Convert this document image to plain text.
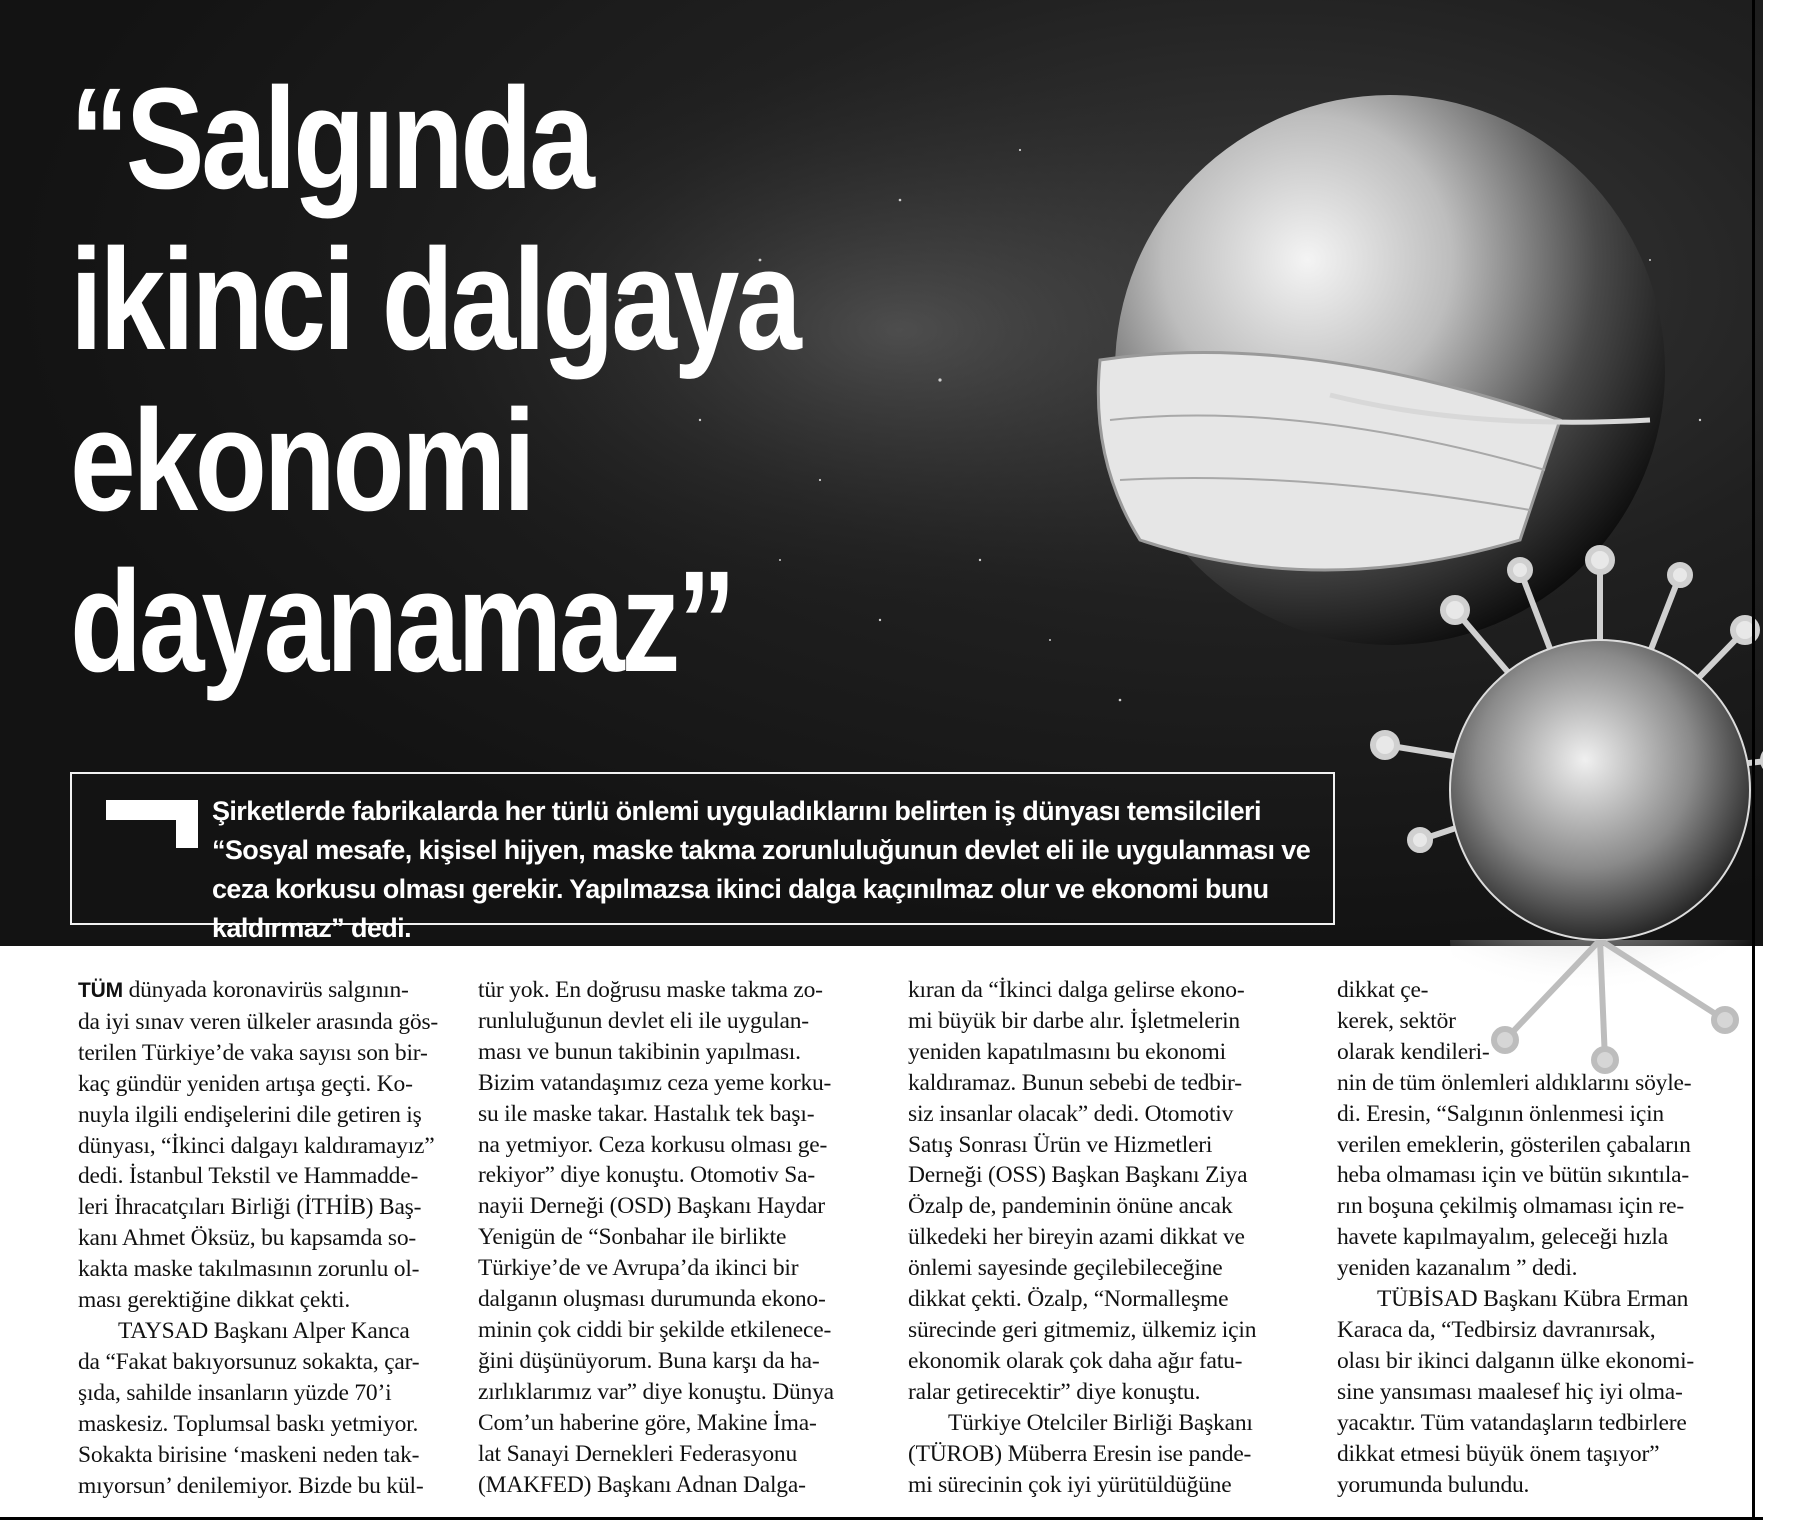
“Salgında
ikinci dalgaya
ekonomi
dayanamaz”

Şirketlerde fabrikalarda her türlü önlemi uyguladıklarını belirten iş dünyası temsilcileri “Sosyal mesafe, kişisel hijyen, maske takma zorunluluğunun devlet eli ile uygulanması ve ceza korkusu olması gerekir. Yapılmazsa ikinci dalga kaçınılmaz olur ve ekonomi bunu kaldırmaz” dedi.

TÜM dünyada koronavirüs salgının-

da iyi sınav veren ülkeler arasında gös-

terilen Türkiye’de vaka sayısı son bir-

kaç gündür yeniden artışa geçti. Ko-

nuyla ilgili endişelerini dile getiren iş

dünyası, “İkinci dalgayı kaldıramayız”

dedi. İstanbul Tekstil ve Hammadde-

leri İhracatçıları Birliği (İTHİB) Baş-

kanı Ahmet Öksüz, bu kapsamda so-

kakta maske takılmasının zorunlu ol-

ması gerektiğine dikkat çekti.

TAYSAD Başkanı Alper Kanca

da “Fakat bakıyorsunuz sokakta, çar-

şıda, sahilde insanların yüzde 70’i

maskesiz. Toplumsal baskı yetmiyor.

Sokakta birisine ‘maskeni neden tak-

mıyorsun’ denilemiyor. Bizde bu kül-

tür yok. En doğrusu maske takma zo-

runluluğunun devlet eli ile uygulan-

ması ve bunun takibinin yapılması.

Bizim vatandaşımız ceza yeme korku-

su ile maske takar. Hastalık tek başı-

na yetmiyor. Ceza korkusu olması ge-

rekiyor” diye konuştu. Otomotiv Sa-

nayii Derneği (OSD) Başkanı Haydar

Yenigün de “Sonbahar ile birlikte

Türkiye’de ve Avrupa’da ikinci bir

dalganın oluşması durumunda ekono-

minin çok ciddi bir şekilde etkilenece-

ğini düşünüyorum. Buna karşı da ha-

zırlıklarımız var” diye konuştu. Dünya

Com’un haberine göre, Makine İma-

lat Sanayi Dernekleri Federasyonu

(MAKFED) Başkanı Adnan Dalga-

kıran da “İkinci dalga gelirse ekono-

mi büyük bir darbe alır. İşletmelerin

yeniden kapatılmasını bu ekonomi

kaldıramaz. Bunun sebebi de tedbir-

siz insanlar olacak” dedi. Otomotiv

Satış Sonrası Ürün ve Hizmetleri

Derneği (OSS) Başkan Başkanı Ziya

Özalp de, pandeminin önüne ancak

ülkedeki her bireyin azami dikkat ve

önlemi sayesinde geçilebileceğine

dikkat çekti. Özalp, “Normalleşme

sürecinde geri gitmemiz, ülkemiz için

ekonomik olarak çok daha ağır fatu-

ralar getirecektir” diye konuştu.

Türkiye Otelciler Birliği Başkanı

(TÜROB) Müberra Eresin ise pande-

mi sürecinin çok iyi yürütüldüğüne

dikkat çe-

kerek, sektör

olarak kendileri-

nin de tüm önlemleri aldıklarını söyle-

di. Eresin, “Salgının önlenmesi için

verilen emeklerin, gösterilen çabaların

heba olmaması için ve bütün sıkıntıla-

rın boşuna çekilmiş olmaması için re-

havete kapılmayalım, geleceği hızla

yeniden kazanalım ” dedi.

TÜBİSAD Başkanı Kübra Erman

Karaca da, “Tedbirsiz davranırsak,

olası bir ikinci dalganın ülke ekonomi-

sine yansıması maalesef hiç iyi olma-

yacaktır. Tüm vatandaşların tedbirlere

dikkat etmesi büyük önem taşıyor”

yorumunda bulundu.
